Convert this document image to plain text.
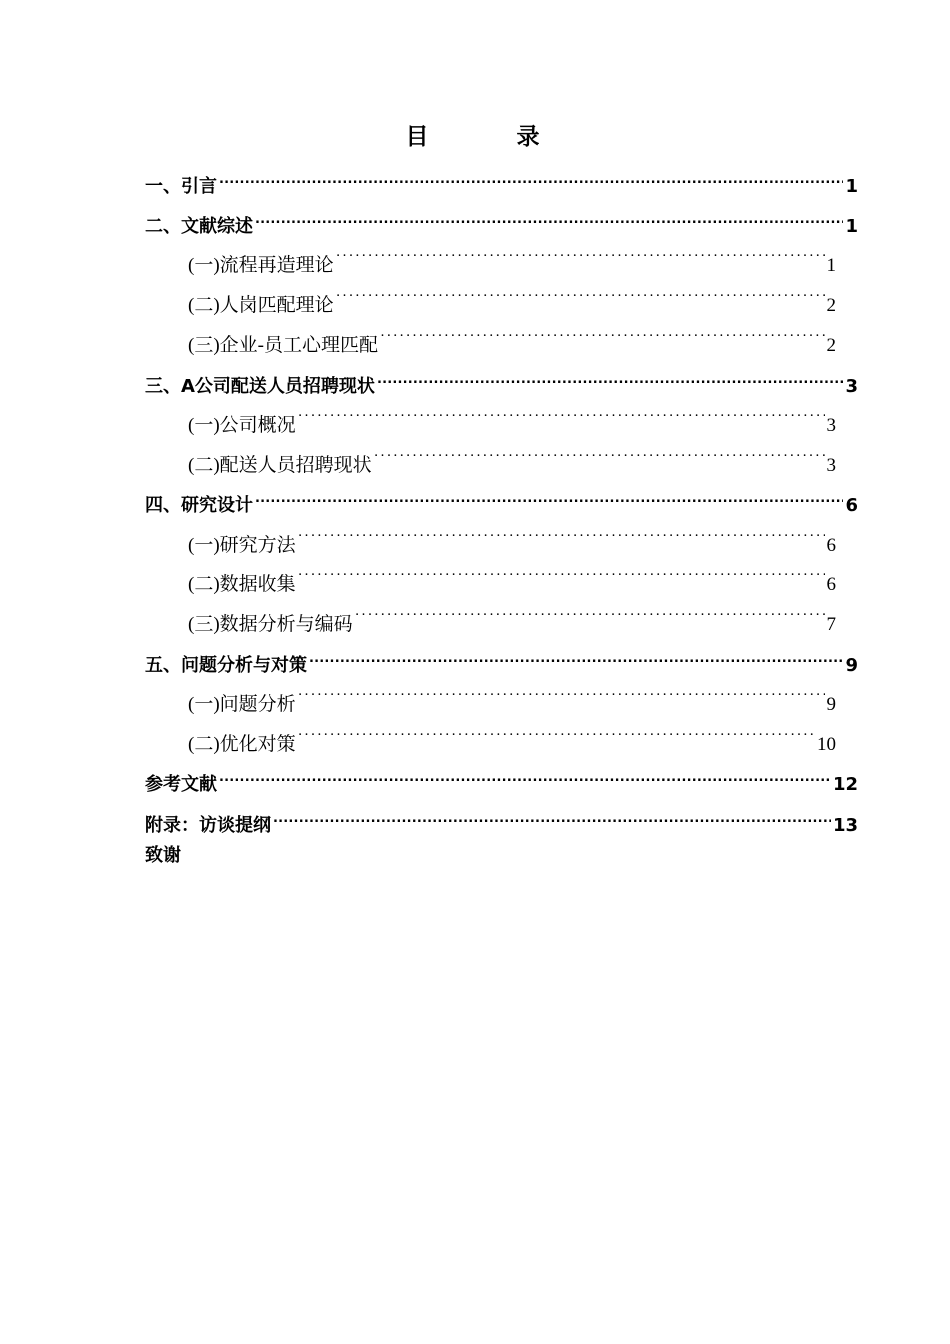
目 录
一、引言 .....	1
二、文献综述 .....	1
(一)流程再造理论 ·····	1
(二)人岗匹配理论 ·····	2
(三)企业-员工心理匹配 ·····	2
三、A公司配送人员招聘现状 .....	3
(一)公司概况 ·····	3
(二)配送人员招聘现状 ·····	3
四、研究设计 .....	6
(一)研究方法 ·····	6
(二)数据收集 ·····	6
(三)数据分析与编码 ·····	7
五、问题分析与对策 .....	9
(一)问题分析 ·····	9
(二)优化对策 ·····	10
参考文献 .....	12
附录：访谈提纲 .....	13
致谢
